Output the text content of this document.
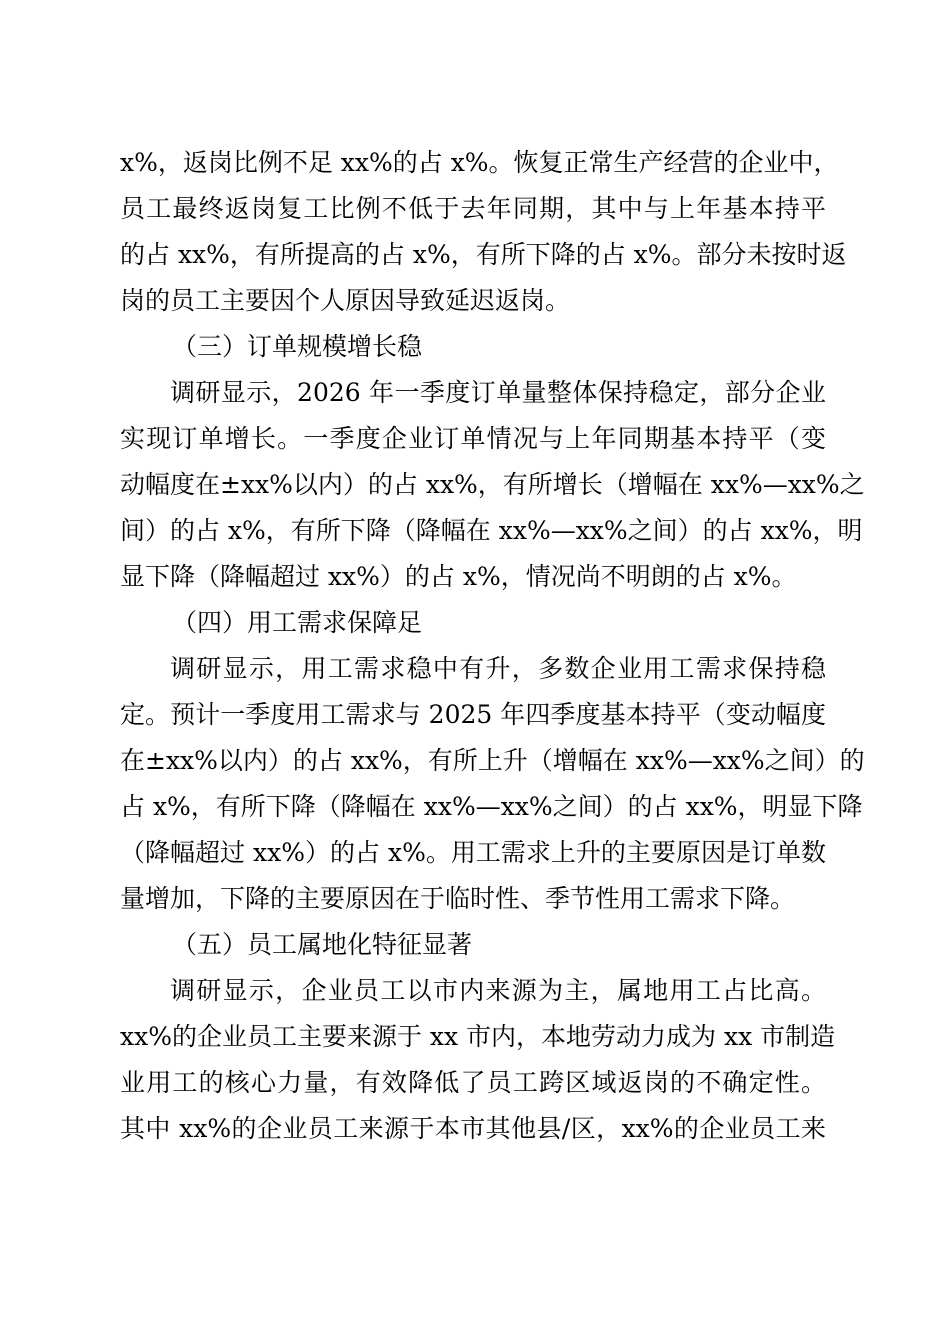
x%，返岗比例不足 xx%的占 x%。恢复正常生产经营的企业中，
员工最终返岗复工比例不低于去年同期，其中与上年基本持平
的占 xx%，有所提高的占 x%，有所下降的占 x%。部分未按时返
岗的员工主要因个人原因导致延迟返岗。
（三）订单规模增长稳
调研显示，2026 年一季度订单量整体保持稳定，部分企业
实现订单增长。一季度企业订单情况与上年同期基本持平（变
动幅度在±xx%以内）的占 xx%，有所增长（增幅在 xx%—xx%之
间）的占 x%，有所下降（降幅在 xx%—xx%之间）的占 xx%，明
显下降（降幅超过 xx%）的占 x%，情况尚不明朗的占 x%。
（四）用工需求保障足
调研显示，用工需求稳中有升，多数企业用工需求保持稳
定。预计一季度用工需求与 2025 年四季度基本持平（变动幅度
在±xx%以内）的占 xx%，有所上升（增幅在 xx%—xx%之间）的
占 x%，有所下降（降幅在 xx%—xx%之间）的占 xx%，明显下降
（降幅超过 xx%）的占 x%。用工需求上升的主要原因是订单数
量增加，下降的主要原因在于临时性、季节性用工需求下降。
（五）员工属地化特征显著
调研显示，企业员工以市内来源为主，属地用工占比高。
xx%的企业员工主要来源于 xx 市内，本地劳动力成为 xx 市制造
业用工的核心力量，有效降低了员工跨区域返岗的不确定性。
其中 xx%的企业员工来源于本市其他县/区，xx%的企业员工来
